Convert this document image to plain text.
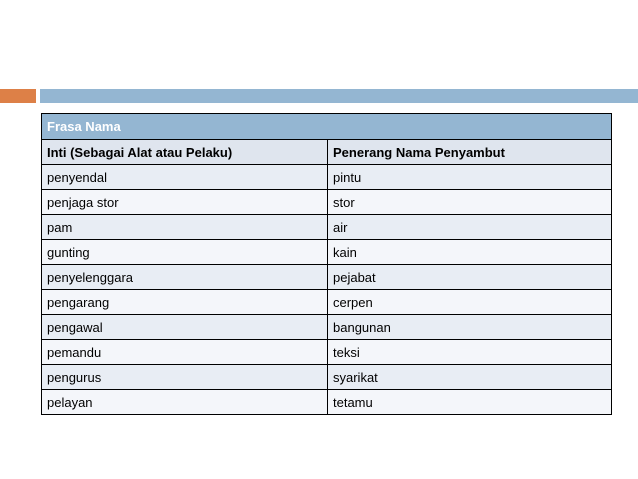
Frasa Nama	
Inti (Sebagai Alat atau Pelaku)	Penerang Nama Penyambut
penyendal	pintu
penjaga stor	stor
pam	air
gunting	kain
penyelenggara	pejabat
pengarang	cerpen
pengawal	bangunan
pemandu	teksi
pengurus	syarikat
pelayan	tetamu
